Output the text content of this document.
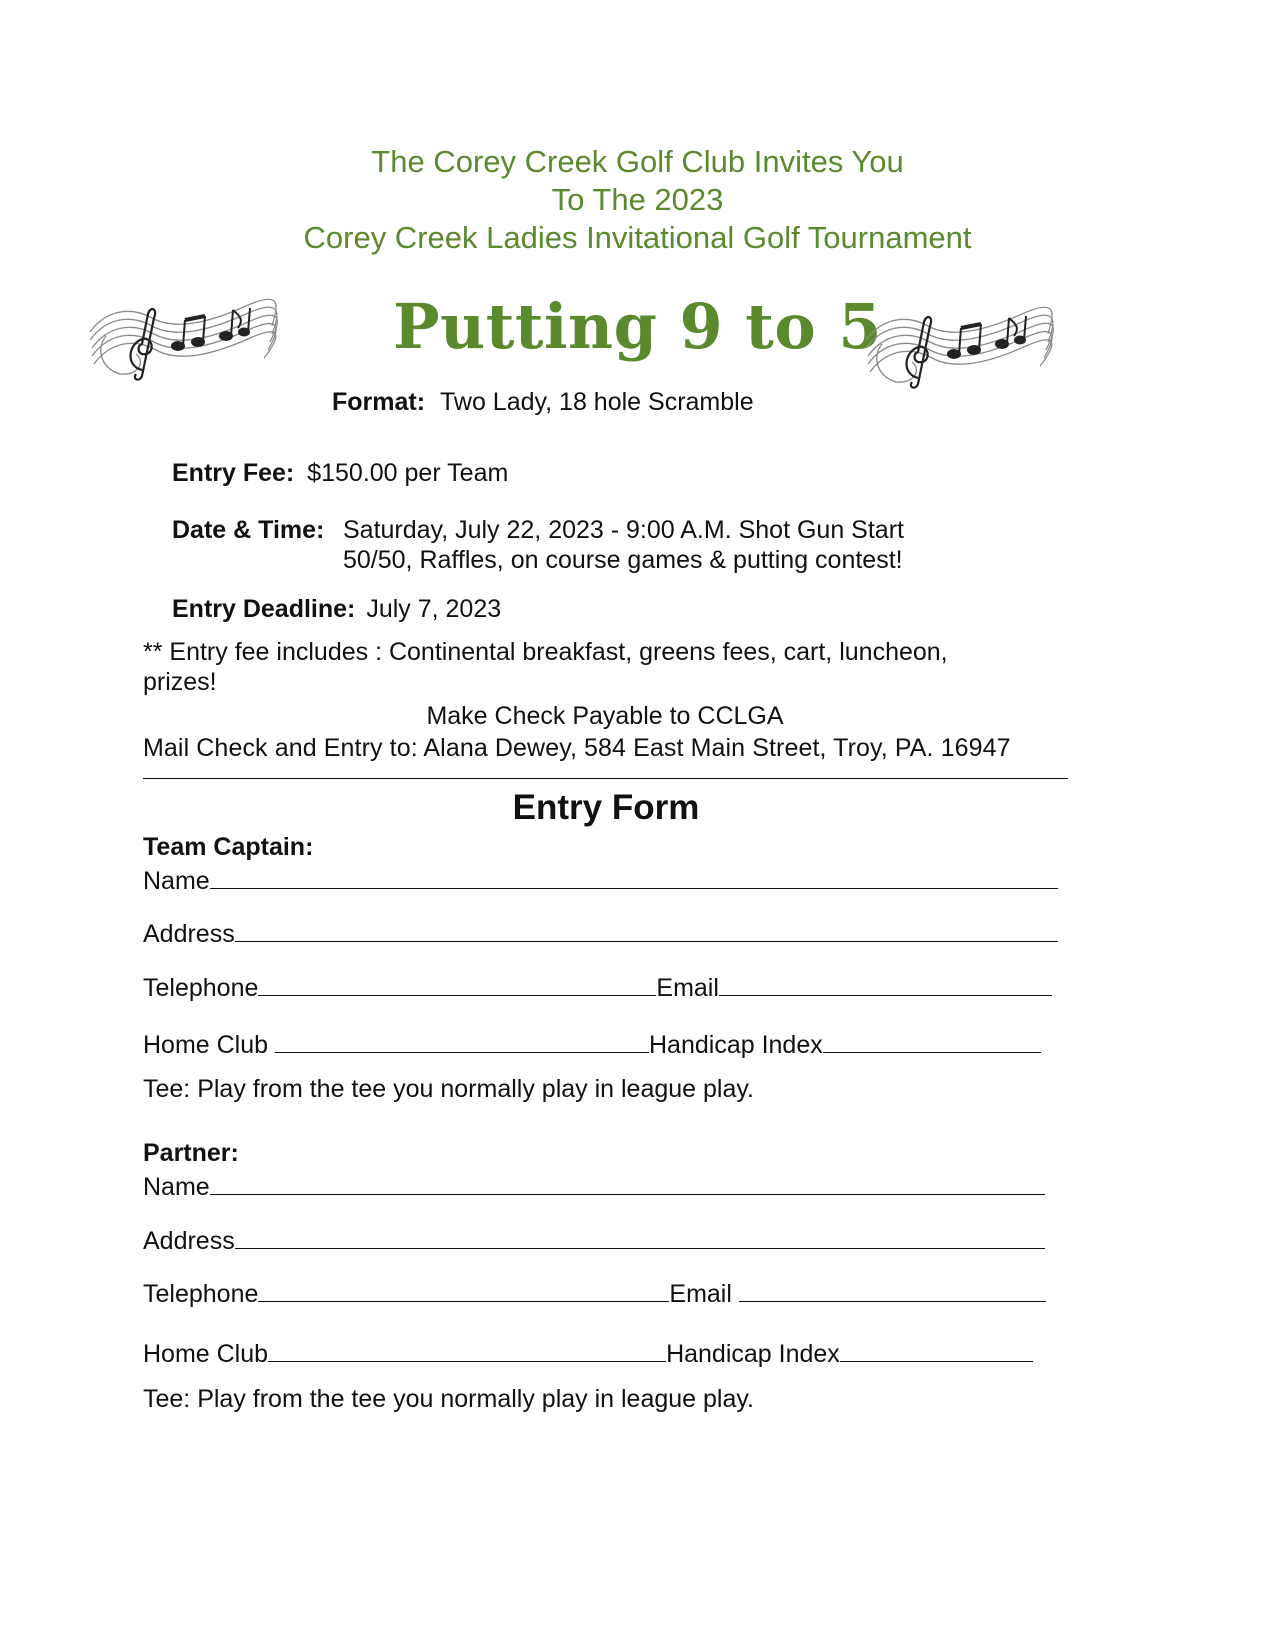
The Corey Creek Golf Club Invites You
To The 2023
Corey Creek Ladies Invitational Golf Tournament
Putting 9 to 5
Format: Two Lady, 18 hole Scramble
Entry Fee: $150.00 per Team
Date & Time: Saturday, July 22, 2023 - 9:00 A.M. Shot Gun Start
50/50, Raffles, on course games & putting contest!
Entry Deadline: July 7, 2023
** Entry fee includes : Continental breakfast, greens fees, cart, luncheon,
prizes!
Make Check Payable to CCLGA
Mail Check and Entry to: Alana Dewey, 584 East Main Street, Troy, PA. 16947
Entry Form
Team Captain:
Name
Address
Telephone	Email
Home Club	Handicap Index
Tee: Play from the tee you normally play in league play.
Partner:
Name
Address
Telephone	Email
Home Club	Handicap Index
Tee: Play from the tee you normally play in league play.
